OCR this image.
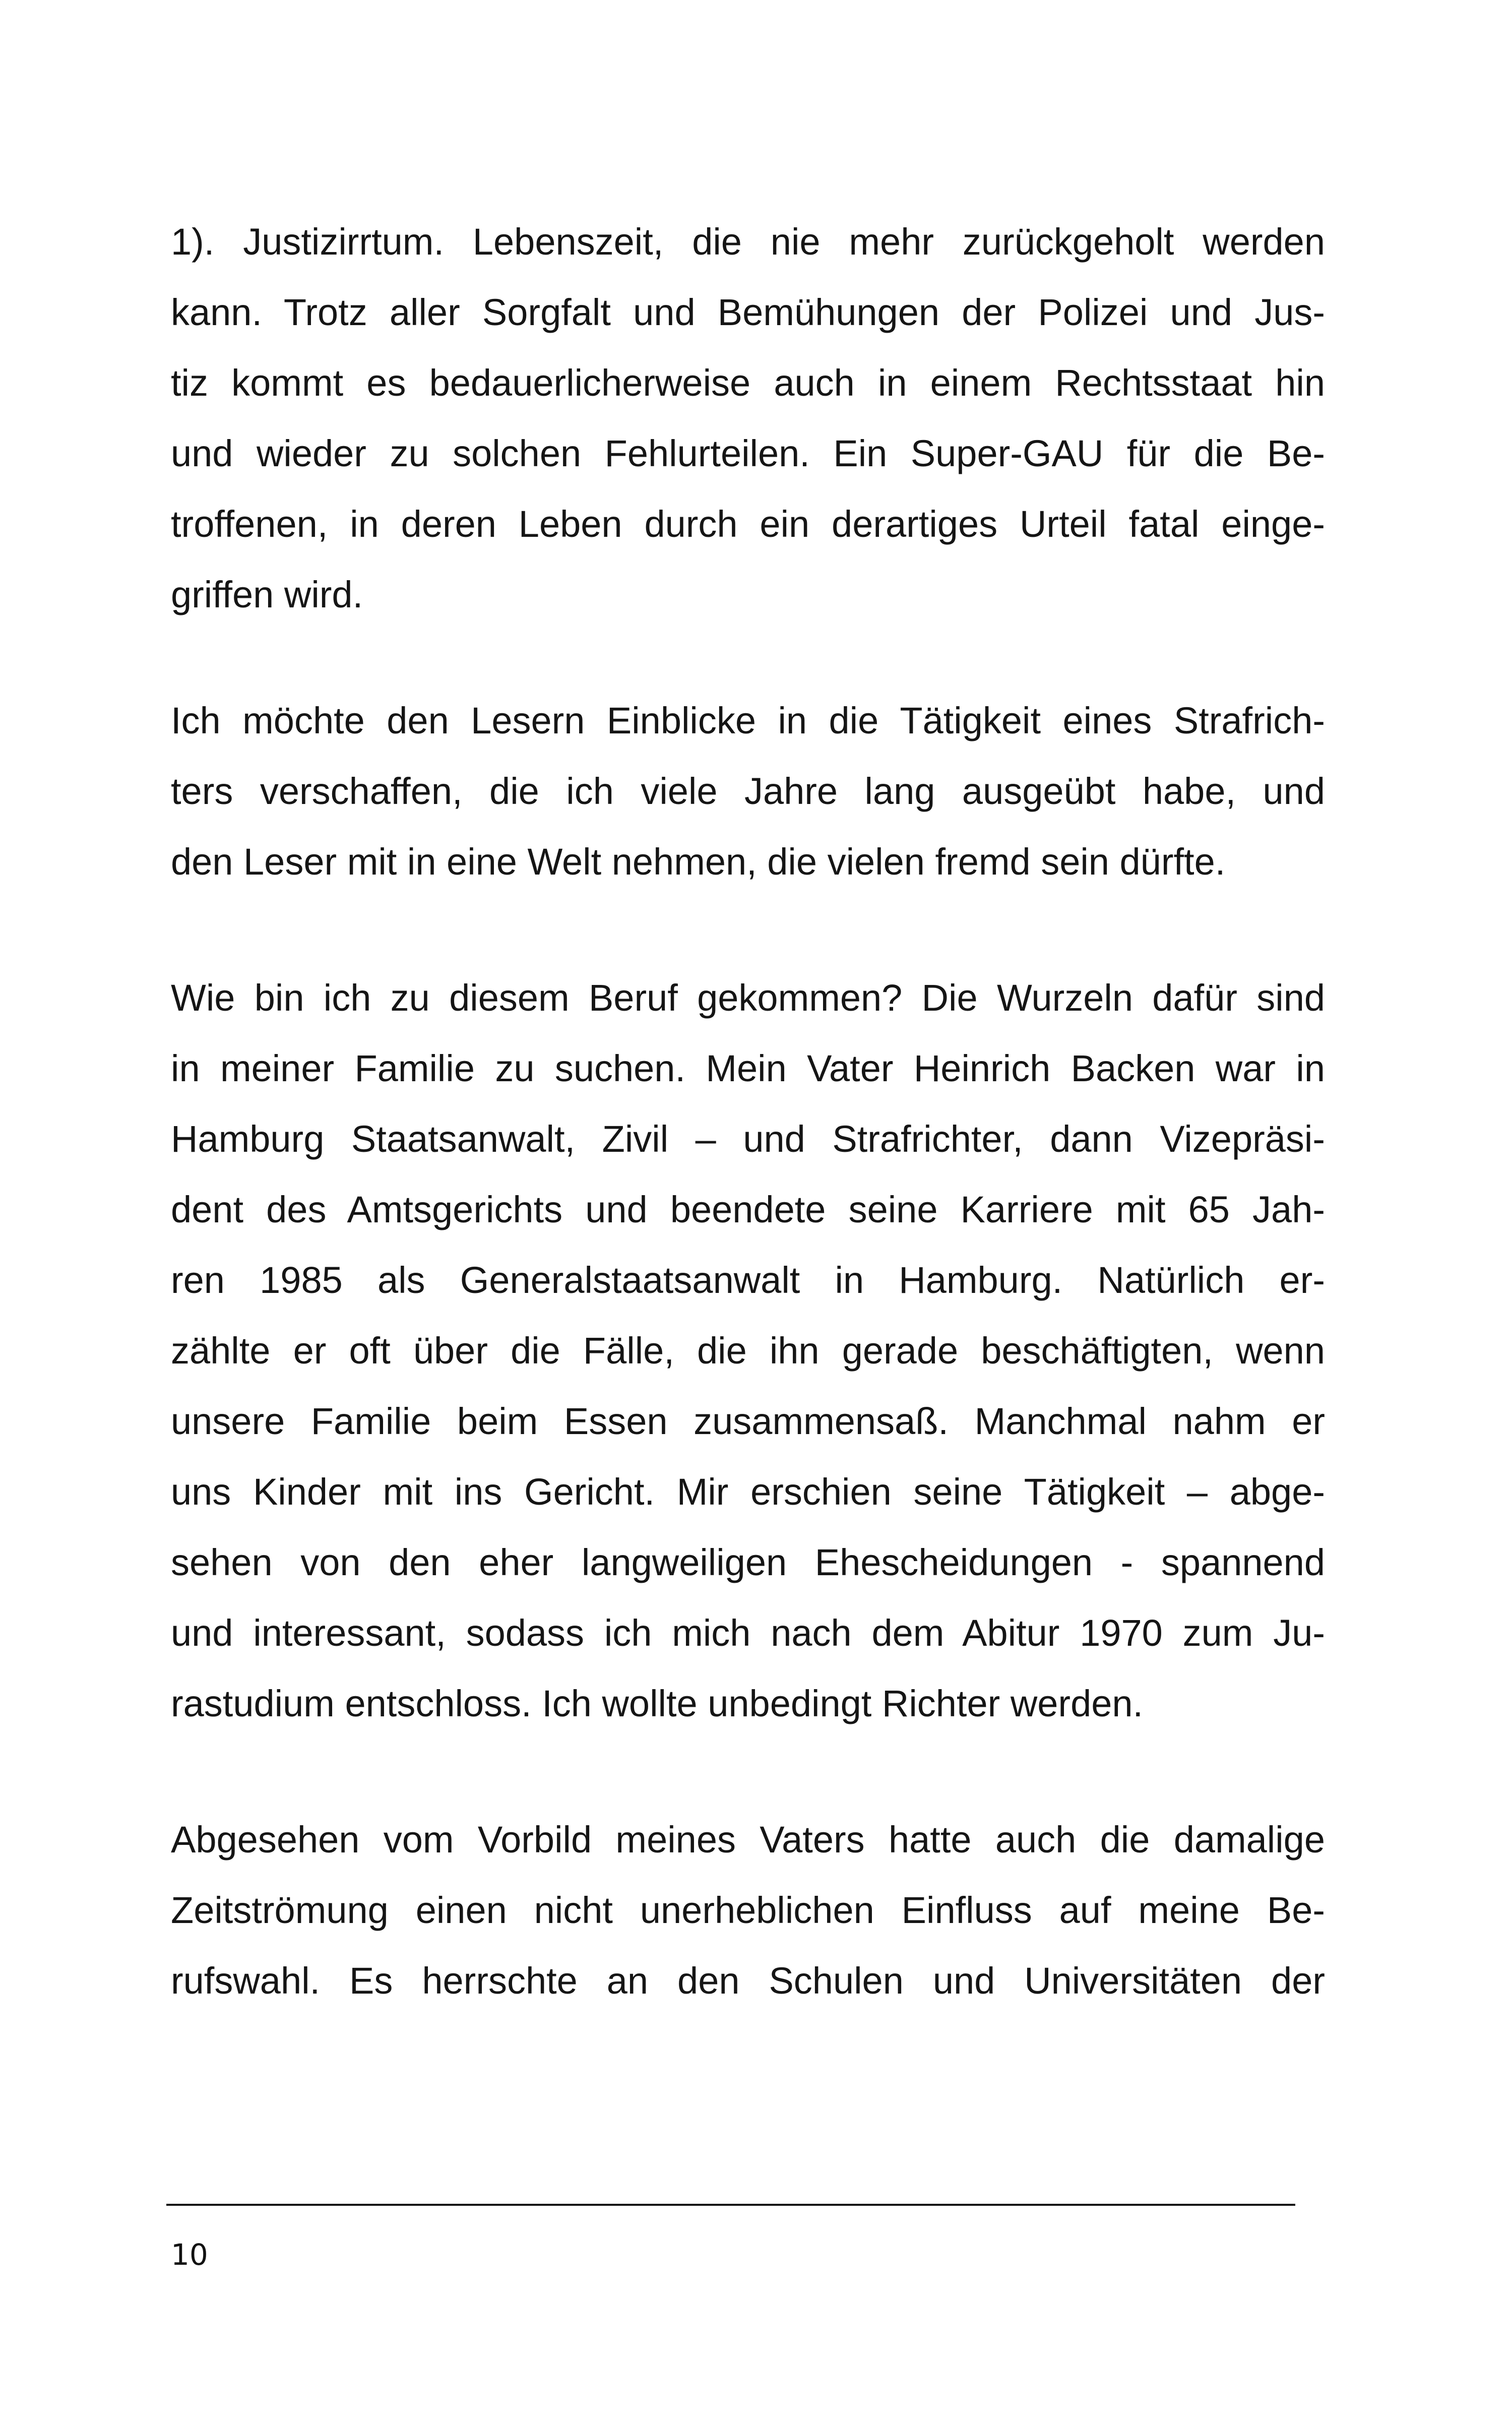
1). Justizirrtum. Lebenszeit, die nie mehr zurückgeholt werden
kann. Trotz aller Sorgfalt und Bemühungen der Polizei und Jus-
tiz kommt es bedauerlicherweise auch in einem Rechtsstaat hin
und wieder zu solchen Fehlurteilen. Ein Super-GAU für die Be-
troffenen, in deren Leben durch ein derartiges Urteil fatal einge-
griffen wird.
Ich möchte den Lesern Einblicke in die Tätigkeit eines Strafrich-
ters verschaffen, die ich viele Jahre lang ausgeübt habe, und
den Leser mit in eine Welt nehmen, die vielen fremd sein dürfte.
Wie bin ich zu diesem Beruf gekommen? Die Wurzeln dafür sind
in meiner Familie zu suchen. Mein Vater Heinrich Backen war in
Hamburg Staatsanwalt, Zivil – und Strafrichter, dann Vizepräsi-
dent des Amtsgerichts und beendete seine Karriere mit 65 Jah-
ren 1985 als Generalstaatsanwalt in Hamburg. Natürlich er-
zählte er oft über die Fälle, die ihn gerade beschäftigten, wenn
unsere Familie beim Essen zusammensaß. Manchmal nahm er
uns Kinder mit ins Gericht. Mir erschien seine Tätigkeit – abge-
sehen von den eher langweiligen Ehescheidungen - spannend
und interessant, sodass ich mich nach dem Abitur 1970 zum Ju-
rastudium entschloss. Ich wollte unbedingt Richter werden.
Abgesehen vom Vorbild meines Vaters hatte auch die damalige
Zeitströmung einen nicht unerheblichen Einfluss auf meine Be-
rufswahl. Es herrschte an den Schulen und Universitäten der
10
